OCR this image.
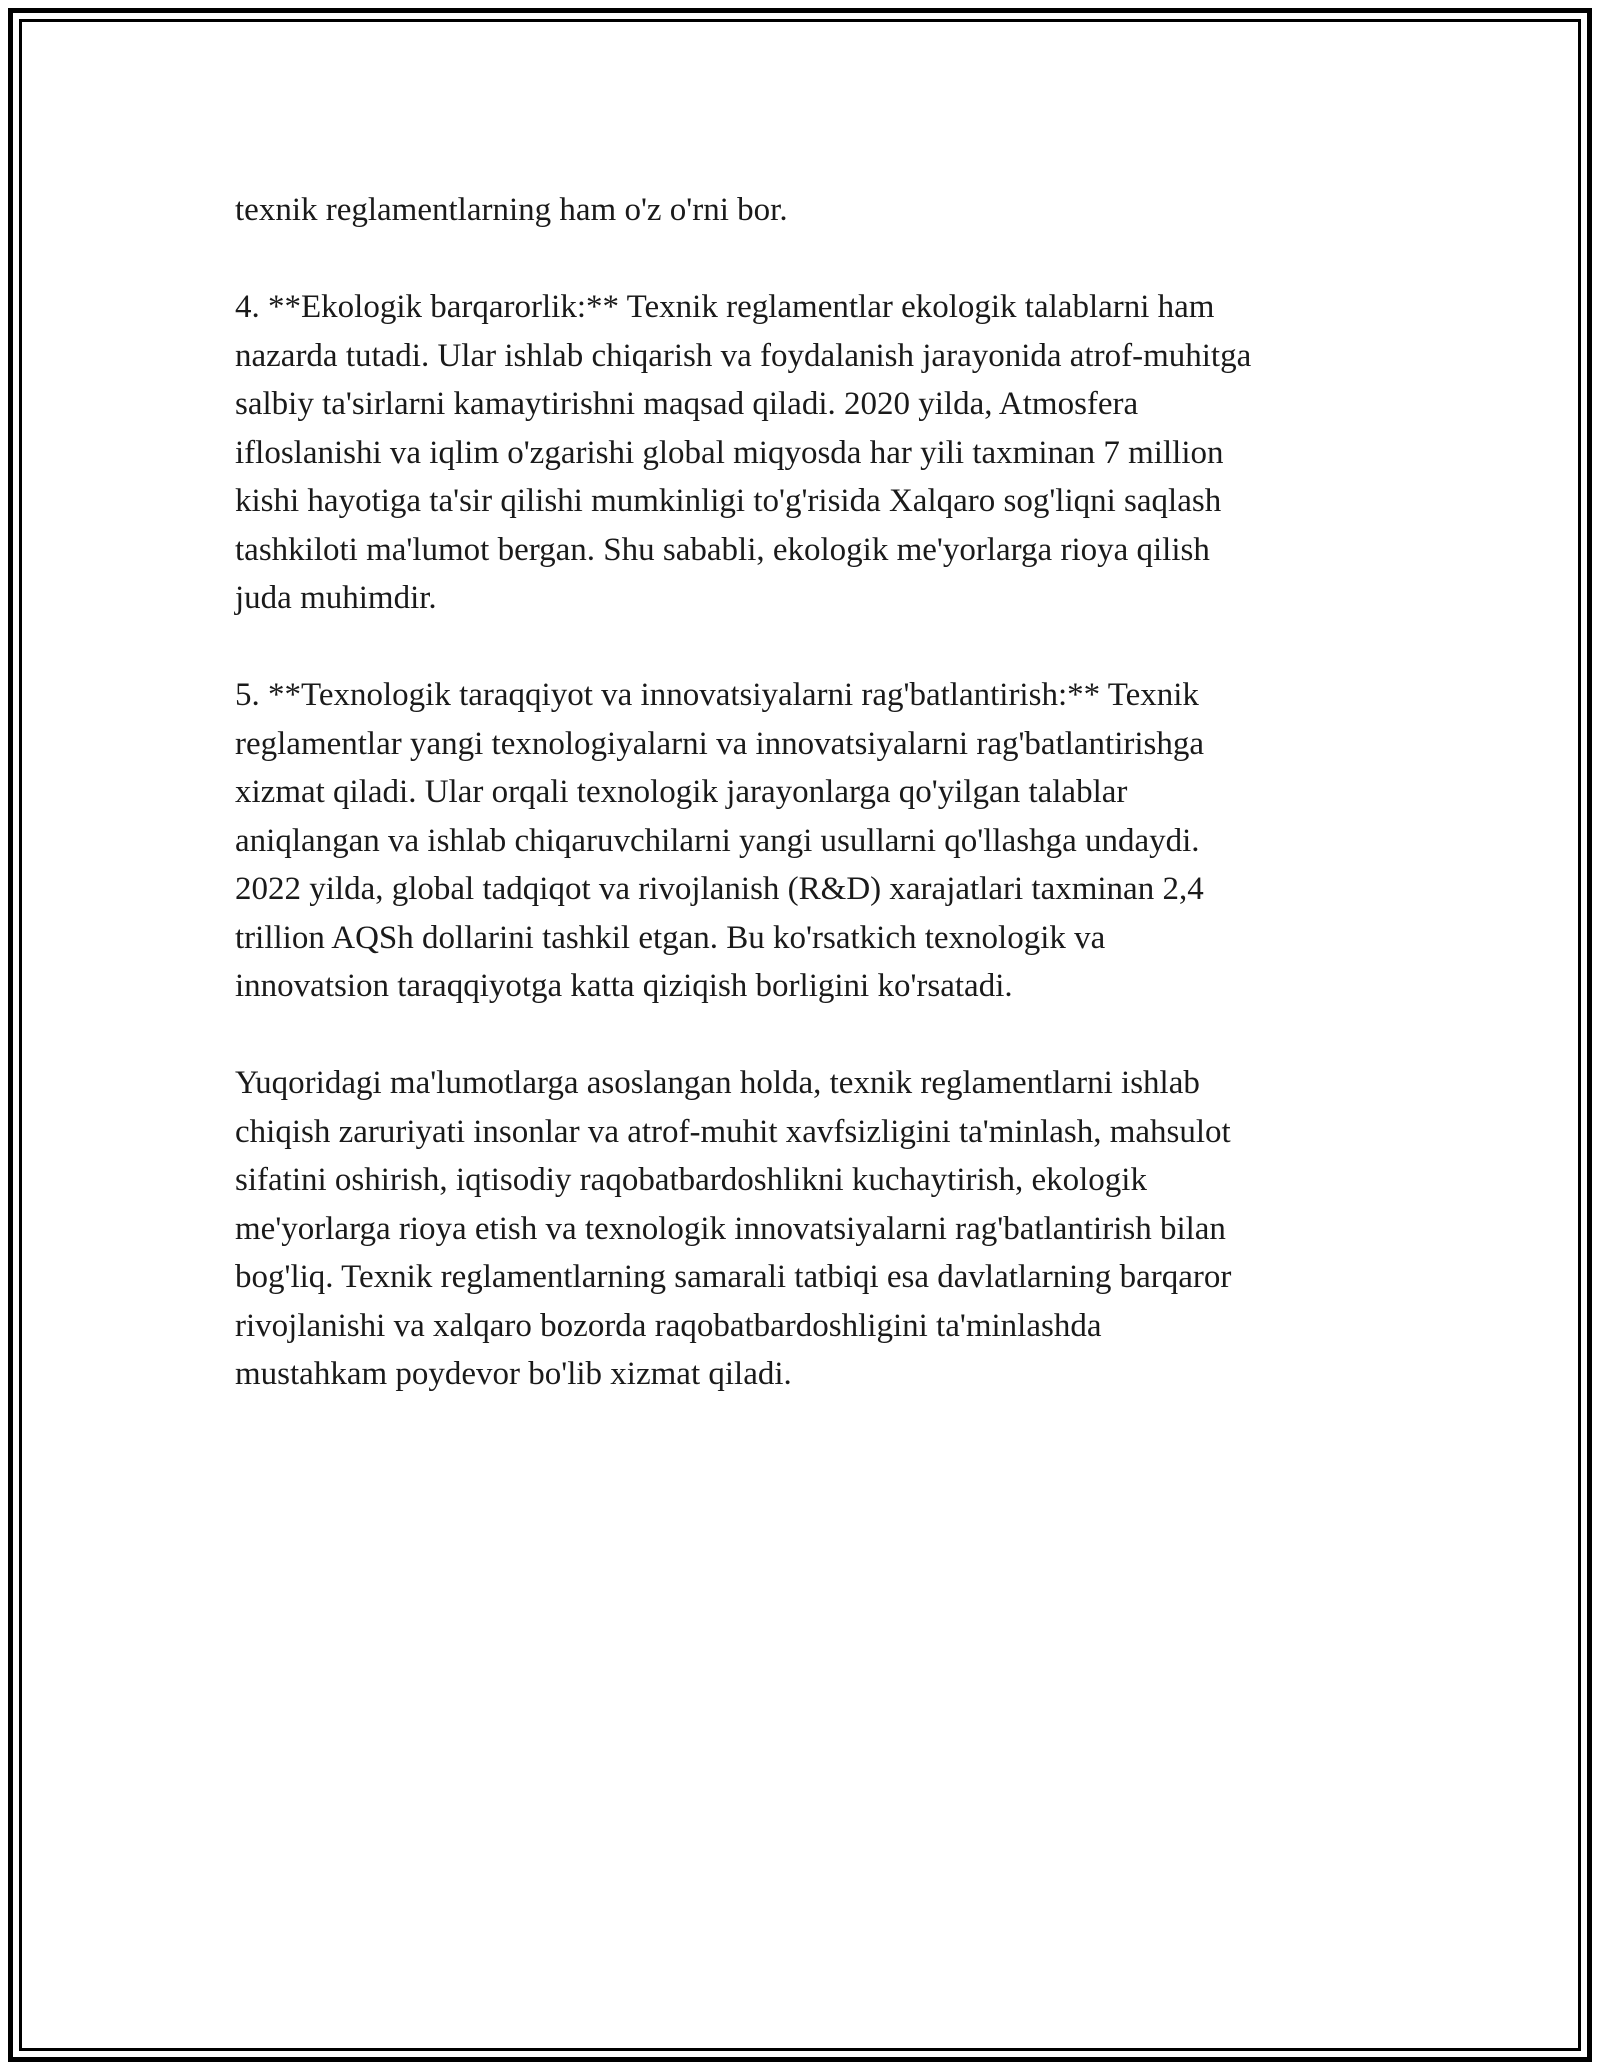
texnik reglamentlarning ham o'z o'rni bor.

4. **Ekologik barqarorlik:** Texnik reglamentlar ekologik talablarni ham
nazarda tutadi. Ular ishlab chiqarish va foydalanish jarayonida atrof-muhitga
salbiy ta'sirlarni kamaytirishni maqsad qiladi. 2020 yilda, Atmosfera
ifloslanishi va iqlim o'zgarishi global miqyosda har yili taxminan 7 million
kishi hayotiga ta'sir qilishi mumkinligi to'g'risida Xalqaro sog'liqni saqlash
tashkiloti ma'lumot bergan. Shu sababli, ekologik me'yorlarga rioya qilish
juda muhimdir.

5. **Texnologik taraqqiyot va innovatsiyalarni rag'batlantirish:** Texnik
reglamentlar yangi texnologiyalarni va innovatsiyalarni rag'batlantirishga
xizmat qiladi. Ular orqali texnologik jarayonlarga qo'yilgan talablar
aniqlangan va ishlab chiqaruvchilarni yangi usullarni qo'llashga undaydi.
2022 yilda, global tadqiqot va rivojlanish (R&D) xarajatlari taxminan 2,4
trillion AQSh dollarini tashkil etgan. Bu ko'rsatkich texnologik va
innovatsion taraqqiyotga katta qiziqish borligini ko'rsatadi.

Yuqoridagi ma'lumotlarga asoslangan holda, texnik reglamentlarni ishlab
chiqish zaruriyati insonlar va atrof-muhit xavfsizligini ta'minlash, mahsulot
sifatini oshirish, iqtisodiy raqobatbardoshlikni kuchaytirish, ekologik
me'yorlarga rioya etish va texnologik innovatsiyalarni rag'batlantirish bilan
bog'liq. Texnik reglamentlarning samarali tatbiqi esa davlatlarning barqaror
rivojlanishi va xalqaro bozorda raqobatbardoshligini ta'minlashda
mustahkam poydevor bo'lib xizmat qiladi.
